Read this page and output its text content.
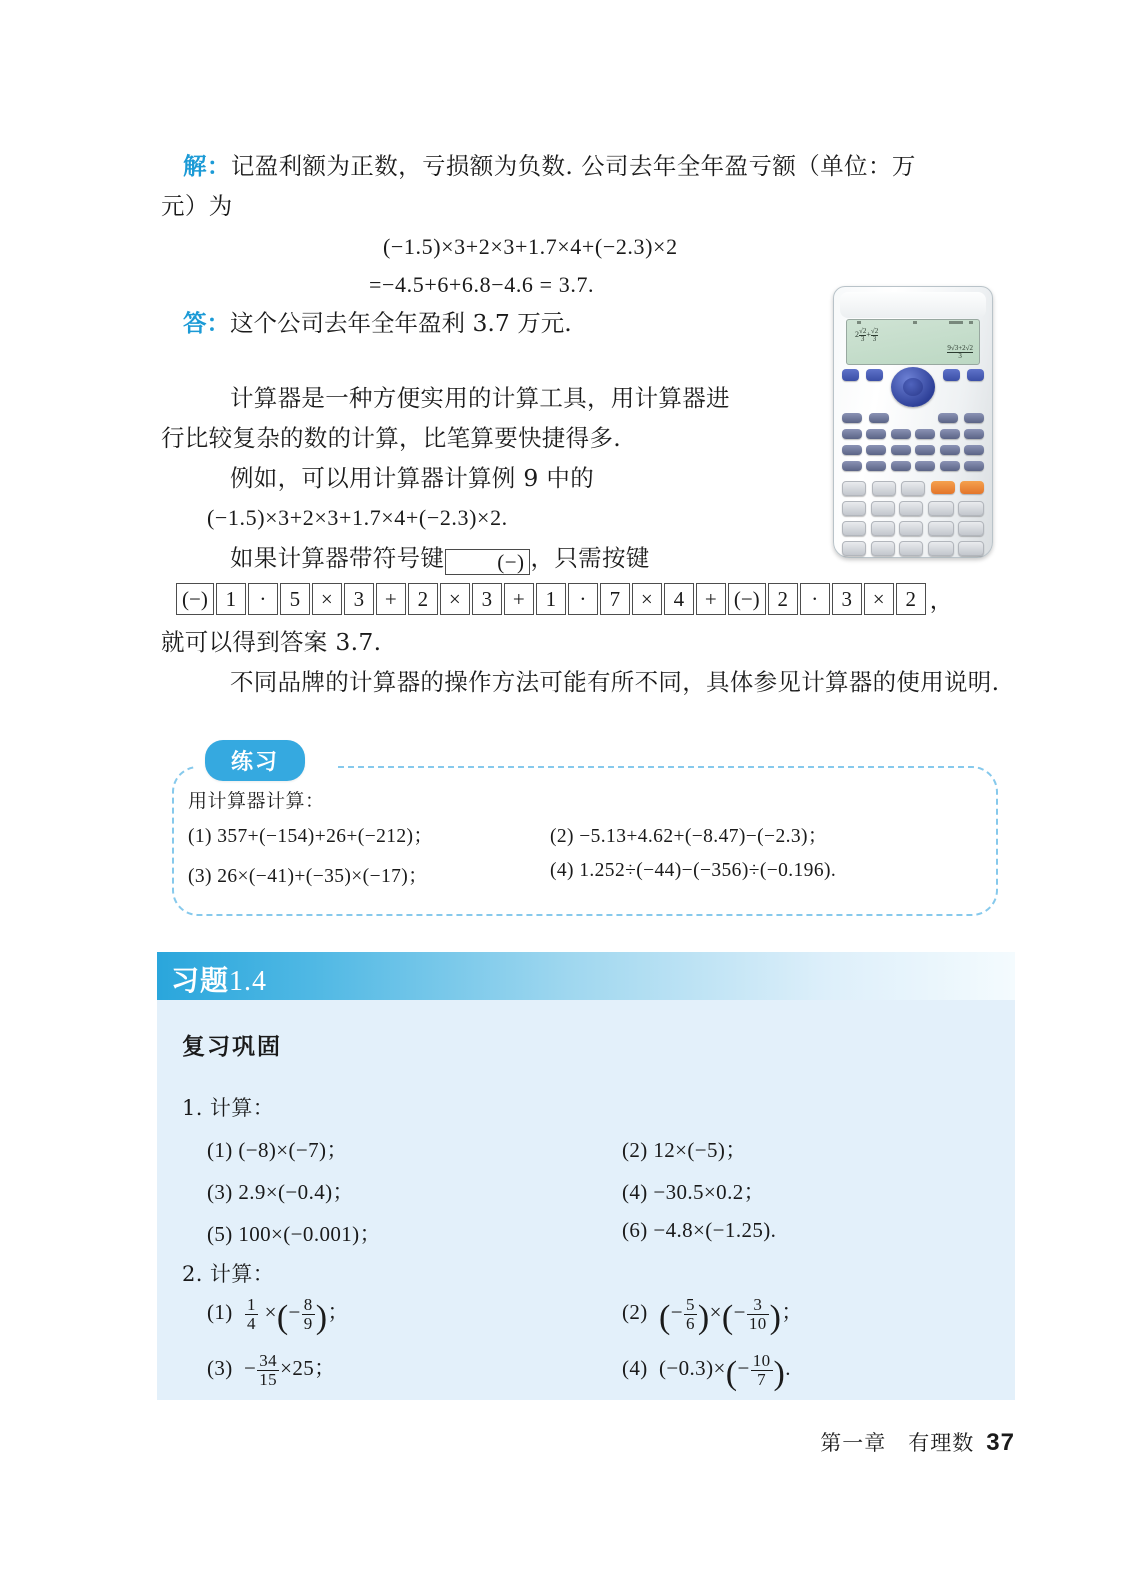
解：记盈利额为正数，亏损额为负数. 公司去年全年盈亏额（单位：万
元）为
(−1.5)×3+2×3+1.7×4+(−2.3)×2
=−4.5+6+6.8−4.6 = 3.7.
答：这个公司去年全年盈利 3.7 万元.	$2 \frac{√2}{3} + \frac{√2}{3}$
$\frac{9√3+2√2}{3}$
计算器是一种方便实用的计算工具，用计算器进
行比较复杂的数的计算，比笔算要快捷得多.
例如，可以用计算器计算例 9 中的
(−1.5)×3+2×3+1.7×4+(−2.3)×2.
如果计算器带符号键	(−) ，只需按键
(−) 1 · 5 × 3 + 2 × 3 + 1 · 7 × 4 + (−) 2 · 3 × 2 ，
就可以得到答案 3.7.
不同品牌的计算器的操作方法可能有所不同，具体参见计算器的使用说明.
用计算器计算：
(1) 357+(−154)+26+(−212)；	(2) −5.13+4.62+(−8.47)−(−2.3)；
(3) 26×(−41)+(−35)×(−17)；	(4) 1.252÷(−44)−(−356)÷(−0.196).
练习
习题1.4
复习巩固
1. 计算：
(1) (−8)×(−7)；	(2) 12×(−5)；
(3) 2.9×(−0.4)；	(4) −30.5×0.2；
(5) 100×(−0.001)；	(6) −4.8×(−1.25).
2. 计算：
$(1) \frac{1}{4}$ ×(− $\frac{8}{9}$ )；	(2) (− $\frac{5}{6}$ )×(− $\frac{3}{10}$ )；
$(3) - \frac{34}{15} \times 25$；	(4) $(-0.3)\times(- \frac{10}{7}$ ).
第一章　有理数 37
